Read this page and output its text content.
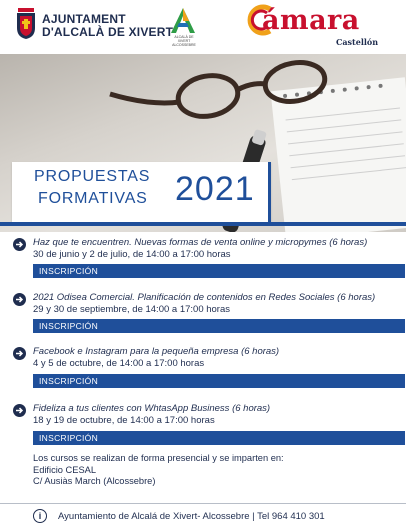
AJUNTAMENT
D'ALCALÀ DE XIVERT ALCALÀ DE XIVERT ALCOSSEBRE
ámara
Castellón
PROPUESTAS
FORMATIVAS 2021
Haz que te encuentren. Nuevas formas de venta online y micropymes (6 horas)
30 de junio y 2 de julio, de 14:00 a 17:00 horas
INSCRIPCIÓN
2021 Odisea Comercial. Planificación de contenidos en Redes Sociales (6 horas)
29 y 30 de septiembre, de 14:00 a 17:00 horas
INSCRIPCIÓN
Facebook e Instagram para la pequeña empresa (6 horas)
4 y 5 de octubre, de 14:00 a 17:00 horas
INSCRIPCIÓN
Fideliza a tus clientes con WhtasApp Business (6 horas)
18 y 19 de octubre, de 14:00 a 17:00 horas
INSCRIPCIÓN
Los cursos se realizan de forma presencial y se imparten en:
Edificio CESAL
C/ Ausiàs March (Alcossebre)
i	Ayuntamiento de Alcalá de Xivert- Alcossebre | Tel 964 410 301
